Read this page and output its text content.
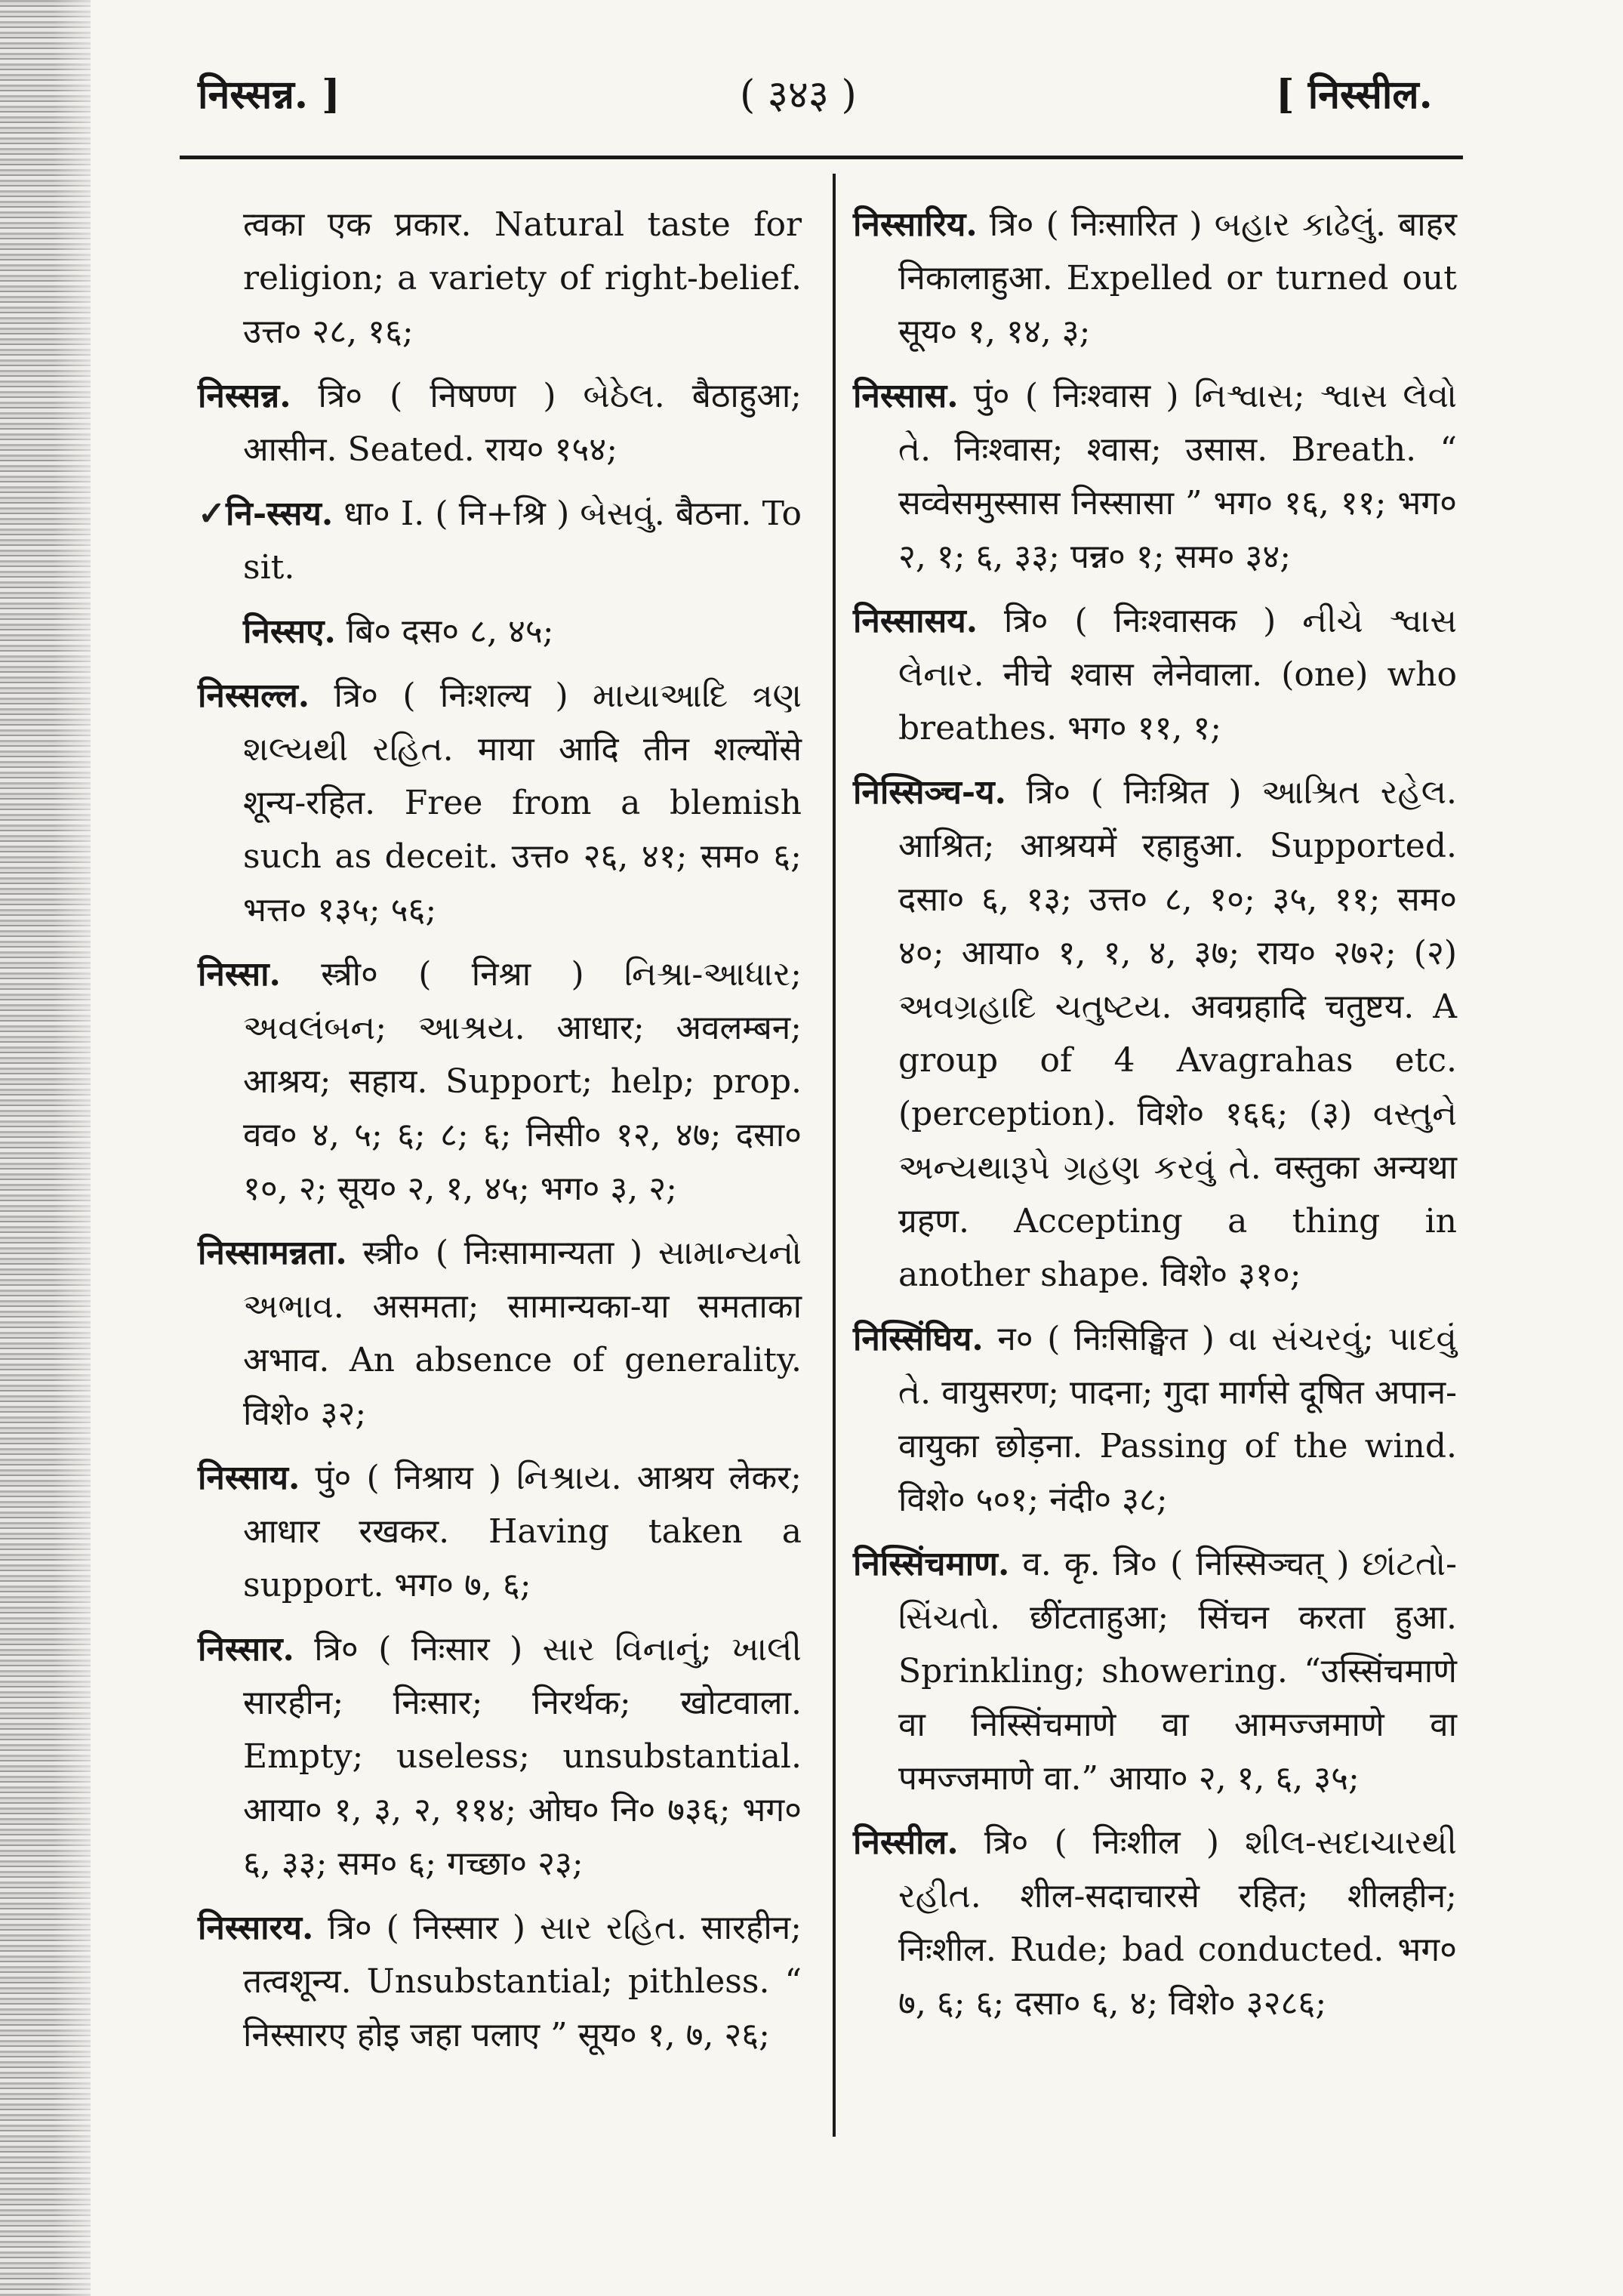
निस्सन्न. ]	( ३४३ )	[ निस्सील.

त्वका एक प्रकार. Natural taste for religion; a variety of right-belief. उत्त० २८, १६;

निस्सन्न. त्रि० ( निषण्ण ) બેઠેલ. बैठाहुआ; आसीन. Seated. राय० १५४;

✓नि-स्सय. धा० I. ( नि+श्रि ) બેસવું. बैठना. To sit.

निस्सए. बि० दस० ८, ४५;

निस्सल्ल. त्रि० ( निःशल्य ) માયાઆદિ ત્રણ શલ્યથી રહિત. माया आदि तीन शल्योंसे शून्य-रहित. Free from a blemish such as deceit. उत्त० २६, ४१; सम० ६; भत्त० १३५; ५६;

निस्सा. स्त्री० ( निश्रा ) નિશ્રા-આધાર; અવલંબન; આશ્રય. आधार; अवलम्बन; आश्रय; सहाय. Support; help; prop. वव० ४, ५; ६; ८; ६; निसी० १२, ४७; दसा० १०, २; सूय० २, १, ४५; भग० ३, २;

निस्सामन्नता. स्त्री० ( निःसामान्यता ) સામાન્યનો અભાવ. असमता; सामान्यका-या समताका अभाव. An absence of generality. विशे० ३२;

निस्साय. पुं० ( निश्राय ) નિશ્રાય. आश्रय लेकर; आधार रखकर. Having taken a support. भग० ७, ६;

निस्सार. त्रि० ( निःसार ) સાર વિનાનું; ખાલી सारहीन; निःसार; निरर्थक; खोटवाला. Empty; useless; unsubstantial. आया० १, ३, २, ११४; ओघ० नि० ७३६; भग० ६, ३३; सम० ६; गच्छा० २३;

निस्सारय. त्रि० ( निस्सार ) સાર રહિત. सारहीन; तत्वशून्य. Unsubstantial; pithless. “ निस्सारए होइ जहा पलाए ” सूय० १, ७, २६;

निस्सारिय. त्रि० ( निःसारित ) બહાર કાઢેલું. बाहर निकालाहुआ. Expelled or turned out सूय० १, १४, ३;

निस्सास. पुं० ( निःश्वास ) નિશ્વાસ; શ્વાસ લેવો તે. निःश्वास; श्वास; उसास. Breath. “ सव्वेसमुस्सास निस्सासा ” भग० १६, ११; भग० २, १; ६, ३३; पन्न० १; सम० ३४;

निस्सासय. त्रि० ( निःश्वासक ) નીચે શ્વાસ લેનાર. नीचे श्वास लेनेवाला. (one) who breathes. भग० ११, १;

निस्सिञ्च-य. त्रि० ( निःश्रित ) આશ્રિત રહેલ. आश्रित; आश्रयमें रहाहुआ. Supported. दसा० ६, १३; उत्त० ८, १०; ३५, ११; सम० ४०; आया० १, १, ४, ३७; राय० २७२; (२) અવગ્રહાદિ ચતુષ્ટય. अवग्रहादि चतुष्टय. A group of 4 Avagrahas etc. (perception). विशे० १६६; (३) વસ્તુને અન્યથારૂપે ગ્રહણ કરવું તે. वस्तुका अन्यथा ग्रहण. Accepting a thing in another shape. विशे० ३१०;

निस्सिंघिय. न० ( निःसिङ्घित ) વા સંચરવું; પાદવું તે. वायुसरण; पादना; गुदा मार्गसे दूषित अपान-वायुका छोड़ना. Passing of the wind. विशे० ५०१; नंदी० ३८;

निस्सिंचमाण. व. कृ. त्रि० ( निस्सिञ्चत् ) છાંટતો-સિંચતો. छींटताहुआ; सिंचन करता हुआ. Sprinkling; showering. “उस्सिंचमाणे वा निस्सिंचमाणे वा आमज्जमाणे वा पमज्जमाणे वा.” आया० २, १, ६, ३५;

निस्सील. त्रि० ( निःशील ) શીલ-સદાચારથી રહીત. शील-सदाचारसे रहित; शीलहीन; निःशील. Rude; bad conducted. भग० ७, ६; ६; दसा० ६, ४; विशे० ३२८६;
